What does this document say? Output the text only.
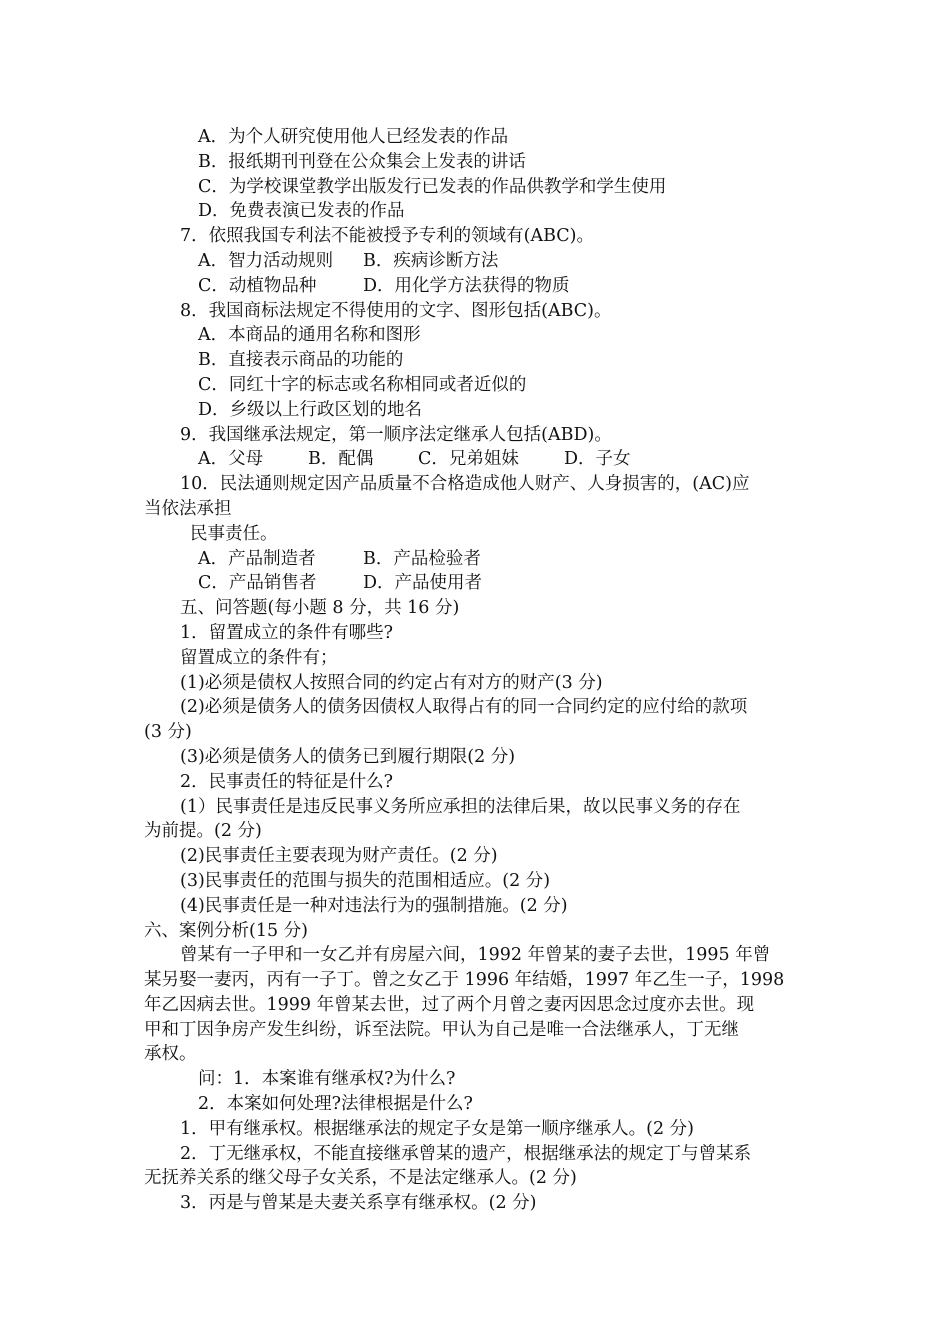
A．为个人研究使用他人已经发表的作品
B．报纸期刊刊登在公众集会上发表的讲话
C．为学校课堂教学出版发行已发表的作品供教学和学生使用
D．免费表演已发表的作品
7．依照我国专利法不能被授予专利的领域有(ABC)。
A．智力活动规则 B．疾病诊断方法
C．动植物品种	D．用化学方法获得的物质
8．我国商标法规定不得使用的文字、图形包括(ABC)。
A．本商品的通用名称和图形
B．直接表示商品的功能的
C．同红十字的标志或名称相同或者近似的
D．乡级以上行政区划的地名
9．我国继承法规定，第一顺序法定继承人包括(ABD)。
A．父母	B．配偶	C．兄弟姐妹	D．子女
10．民法通则规定因产品质量不合格造成他人财产、人身损害的，(AC)应
当依法承担
民事责任。
A．产品制造者	B．产品检验者
C．产品销售者	D．产品使用者
五、问答题(每小题 8 分，共 16 分)
1．留置成立的条件有哪些?
留置成立的条件有；
(1)必须是债权人按照合同的约定占有对方的财产(3 分)
(2)必须是债务人的债务因债权人取得占有的同一合同约定的应付给的款项
(3 分)
(3)必须是债务人的债务已到履行期限(2 分)
2．民事责任的特征是什么?
(1）民事责任是违反民事义务所应承担的法律后果，故以民事义务的存在
为前提。(2 分)
(2)民事责任主要表现为财产责任。(2 分)
(3)民事责任的范围与损失的范围相适应。(2 分)
(4)民事责任是一种对违法行为的强制措施。(2 分)
六、案例分析(15 分)
曾某有一子甲和一女乙并有房屋六间，1992 年曾某的妻子去世，1995 年曾
某另娶一妻丙，丙有一子丁。曾之女乙于 1996 年结婚，1997 年乙生一子，1998
年乙因病去世。1999 年曾某去世，过了两个月曾之妻丙因思念过度亦去世。现
甲和丁因争房产发生纠纷，诉至法院。甲认为自己是唯一合法继承人，丁无继
承权。
问：1．本案谁有继承权?为什么?
2．本案如何处理?法律根据是什么?
1．甲有继承权。根据继承法的规定子女是第一顺序继承人。(2 分)
2．丁无继承权，不能直接继承曾某的遗产，根据继承法的规定丁与曾某系
无抚养关系的继父母子女关系，不是法定继承人。(2 分)
3．丙是与曾某是夫妻关系享有继承权。(2 分)
